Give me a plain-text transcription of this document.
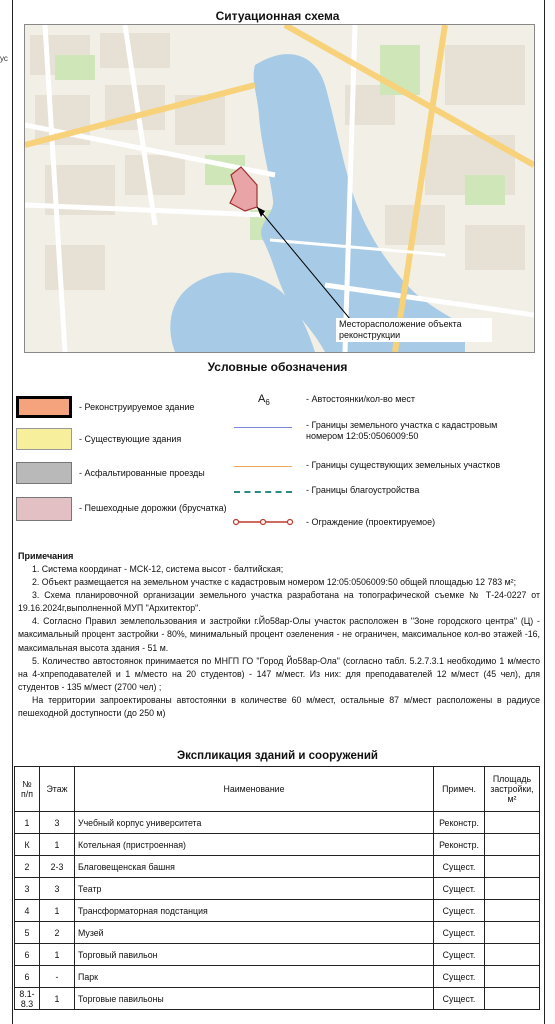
ус
Ситуационная схема
Месторасположение объекта реконструкции
Условные обозначения
- Реконструируемое здание
- Существующие здания
- Асфальтированные проезды
- Пешеходные дорожки (брусчатка)
$А_6$	- Автостоянки/кол-во мест
- Границы земельного участка с кадастровым номером 12:05:0506009:50
- Границы существующих земельных участков
- Границы благоустройства
- Ограждение (проектируемое)
Примечания

1. Система координат - МСК-12, система высот - балтийская;

2. Объект размещается на земельном участке с кадастровым номером 12:05:0506009:50 общей площадью 12 783 м²;

3. Схема планировочной организации земельного участка разработана на топографической съемке № Т-24-0227 от 19.16.2024г,выполненной МУП "Архитектор".

4. Согласно Правил землепользования и застройки г.Йо58ар-Олы участок расположен в "Зоне городского центра" (Ц) - максимальный процент застройки - 80%, минимальный процент озеленения - не ограничен, максимальное кол-во этажей -16, максимальная высота здания - 51 м.

5. Количество автостоянок принимается по МНГП ГО "Город Йо58ар-Ола" (согласно табл. 5.2.7.3.1 необходимо 1 м/место на 4-хпреподавателей и 1 м/место на 20 студентов) - 147 м/мест. Из них: для преподавателей 12 м/мест (45 чел), для студентов - 135 м/мест (2700 чел) ;

На территории запроектированы автостоянки в количестве 60 м/мест, остальные 87 м/мест расположены в радиусе пешеходной доступности (до 250 м)

Экспликация зданий и сооружений
№ п/п	Этаж	Наименование	Примеч.	Площадь застройки, м²
1	3	Учебный корпус университета	Реконстр.	
К	1	Котельная (пристроенная)	Реконстр.	
2	2-3	Благовещенская башня	Сущест.	
3	3	Театр	Сущест.	
4	1	Трансформаторная подстанция	Сущест.	
5	2	Музей	Сущест.	
6	1	Торговый павильон	Сущест.	
6	-	Парк	Сущест.	
8.1-8.3	1	Торговые павильоны	Сущест.	
